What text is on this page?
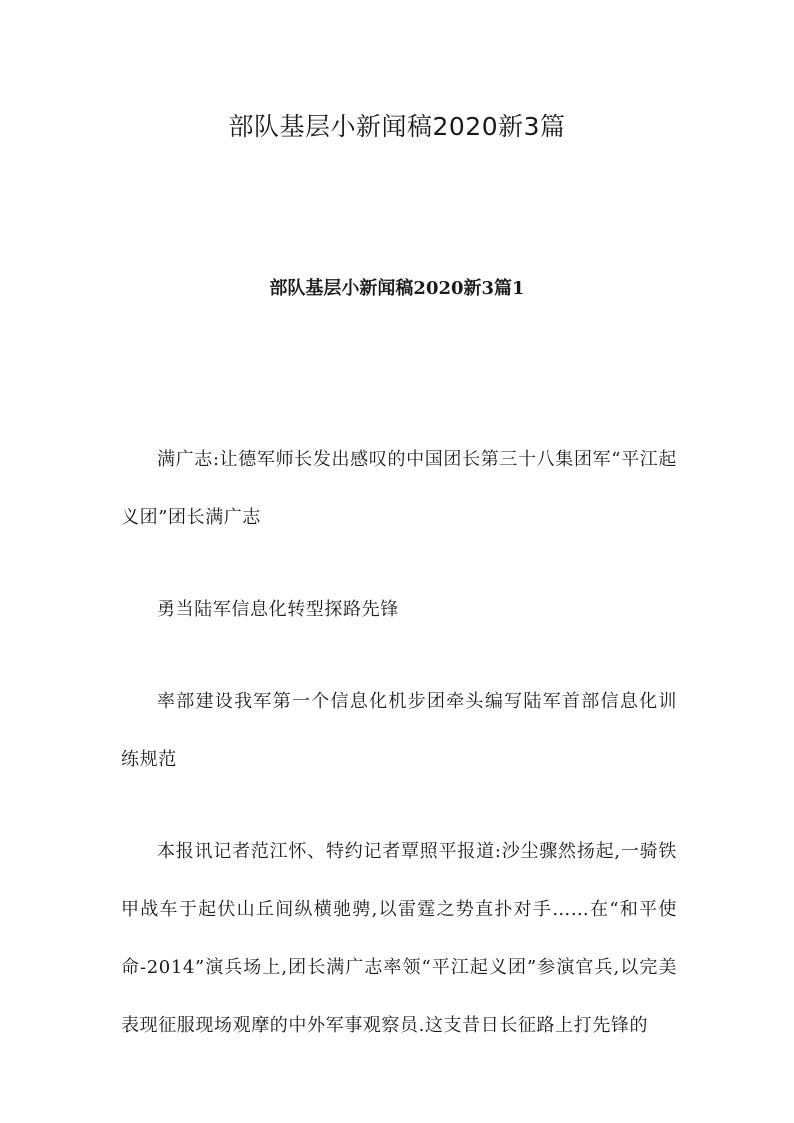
部队基层小新闻稿2020新3篇
部队基层小新闻稿2020新3篇1

满广志:让德军师长发出感叹的中国团长第三十八集团军“平江起义团”团长满广志

勇当陆军信息化转型探路先锋

率部建设我军第一个信息化机步团牵头编写陆军首部信息化训练规范

本报讯记者范江怀、特约记者覃照平报道:沙尘骤然扬起,一骑铁甲战车于起伏山丘间纵横驰骋,以雷霆之势直扑对手……在“和平使命-2014”演兵场上,团长满广志率领“平江起义团”参演官兵,以完美表现征服现场观摩的中外军事观察员.这支昔日长征路上打先锋的
